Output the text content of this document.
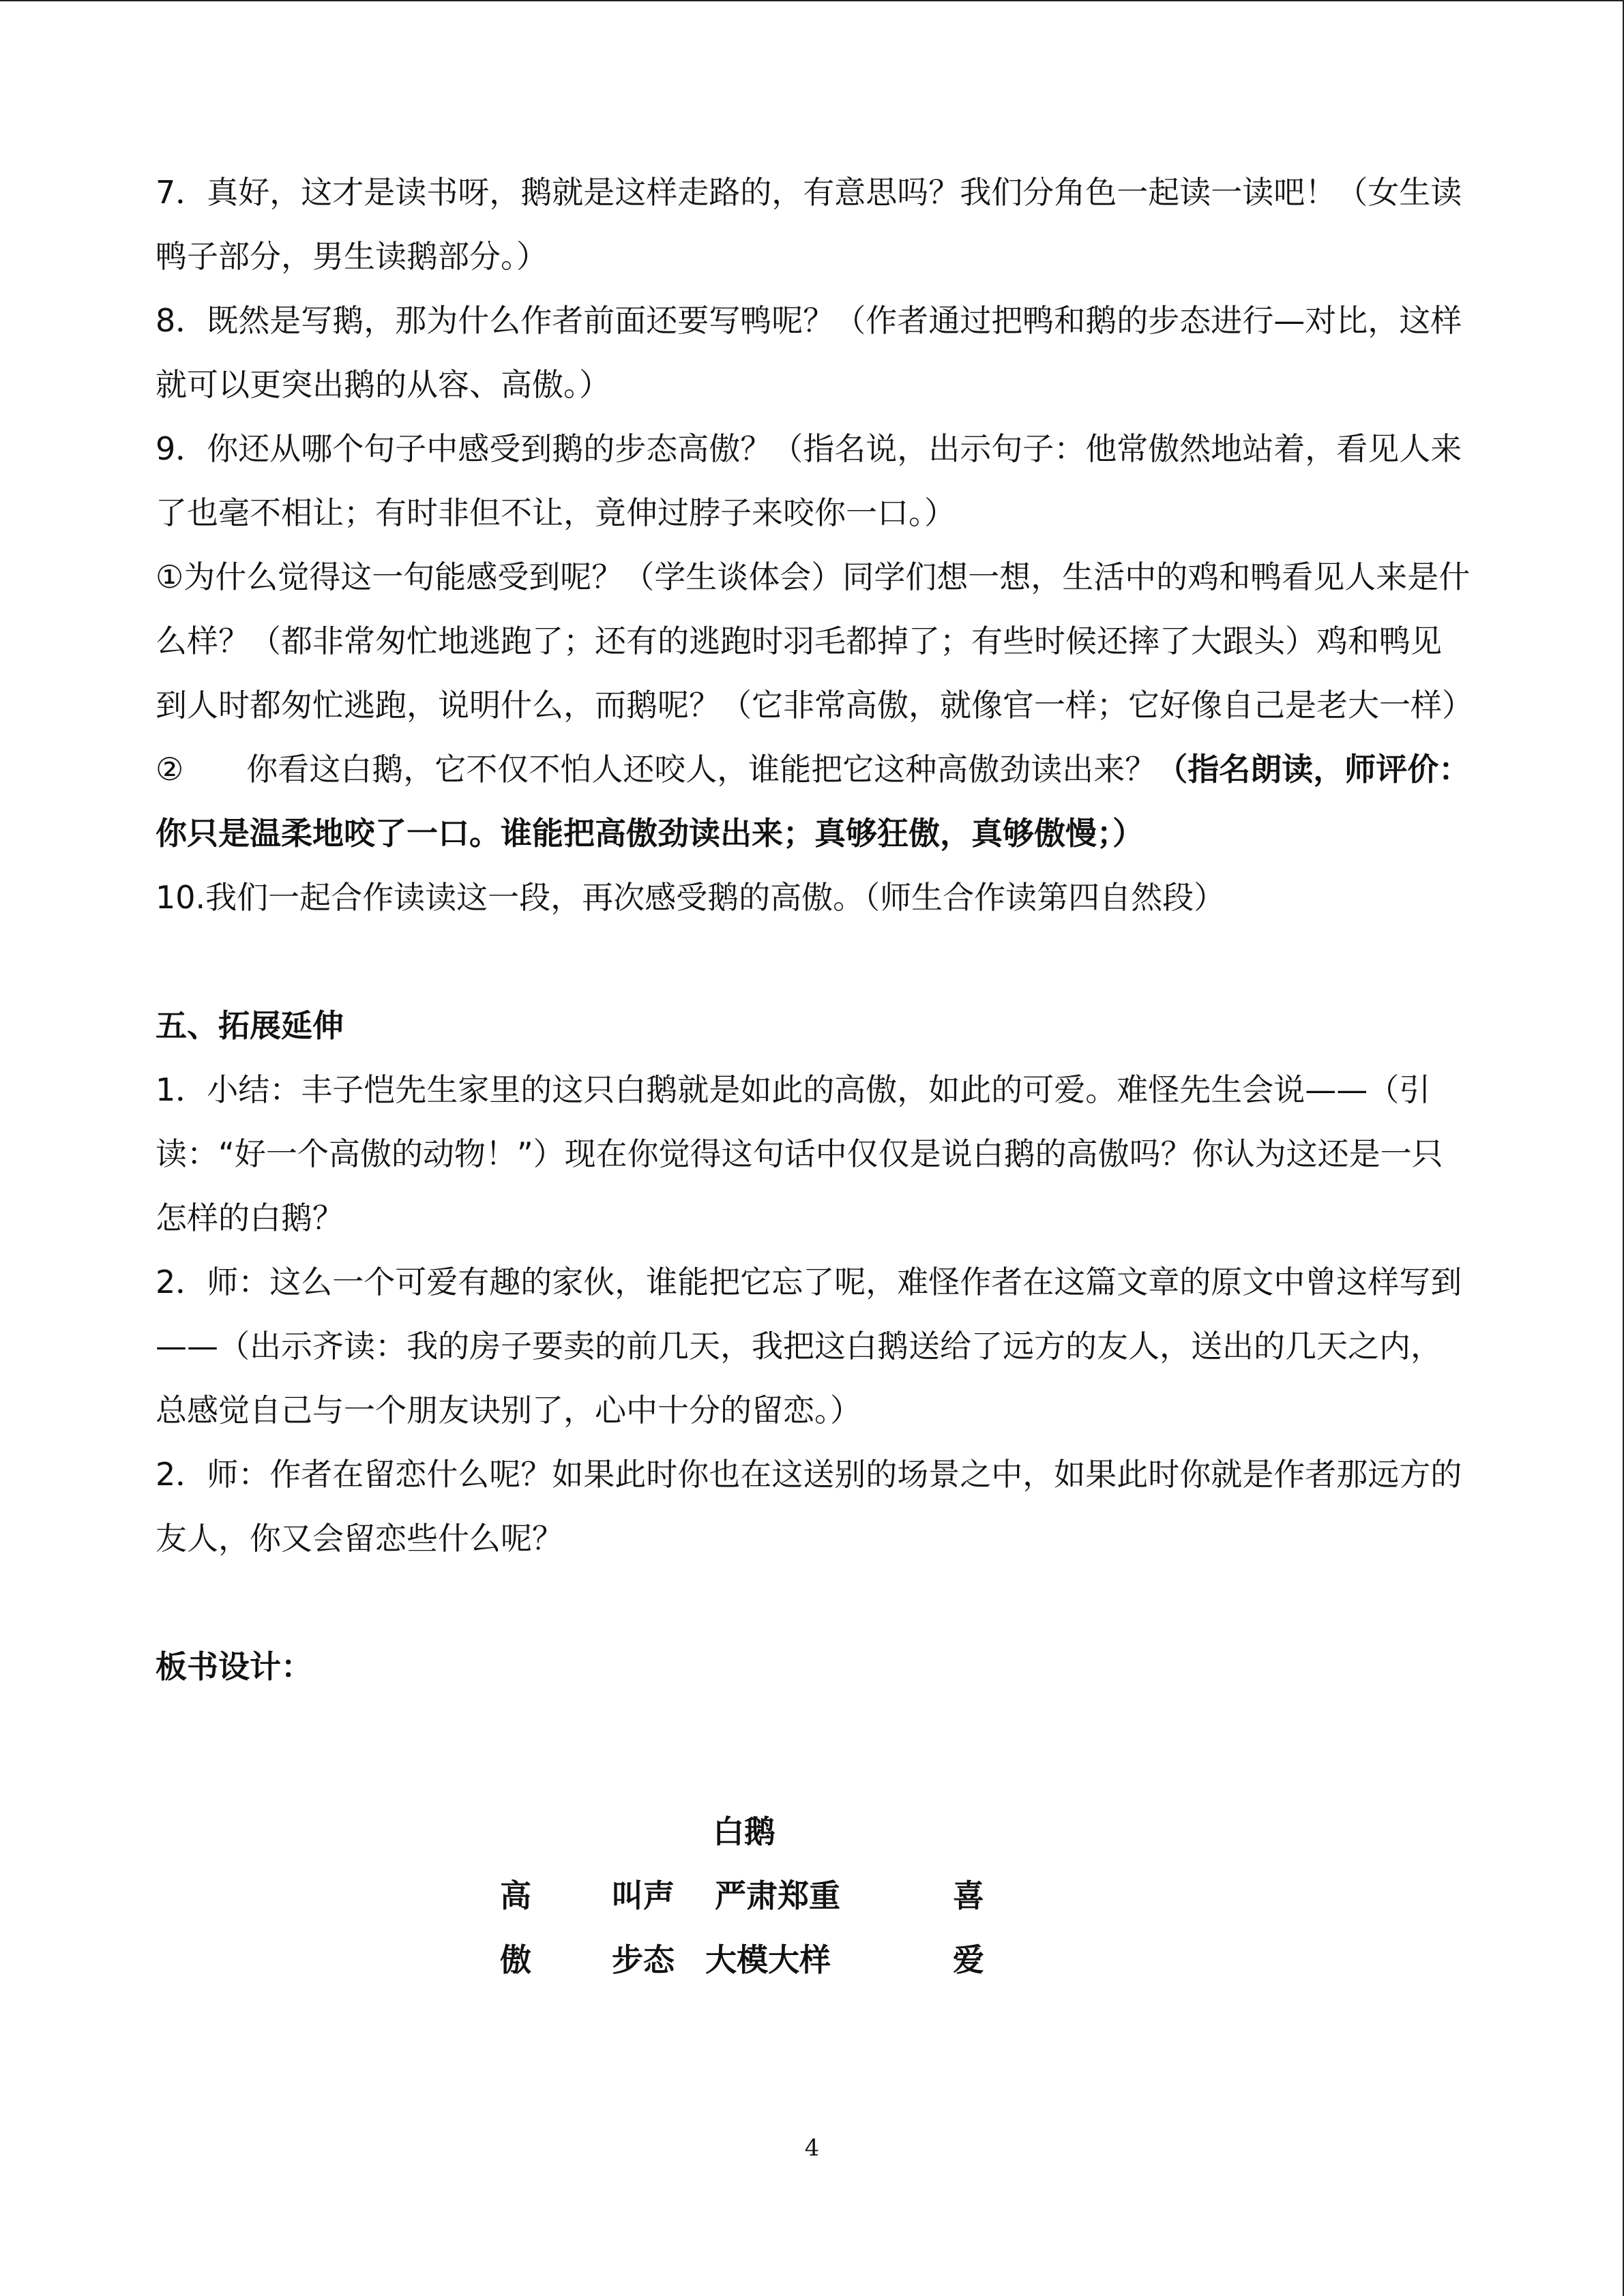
7．真好，这才是读书呀，鹅就是这样走路的，有意思吗？我们分角色一起读一读吧！（女生读鸭子部分，男生读鹅部分。）

8．既然是写鹅，那为什么作者前面还要写鸭呢？（作者通过把鸭和鹅的步态进行—对比，这样就可以更突出鹅的从容、高傲。）

9．你还从哪个句子中感受到鹅的步态高傲？（指名说，出示句子：他常傲然地站着，看见人来了也毫不相让；有时非但不让，竟伸过脖子来咬你一口。）

①为什么觉得这一句能感受到呢？（学生谈体会）同学们想一想，生活中的鸡和鸭看见人来是什么样？（都非常匆忙地逃跑了；还有的逃跑时羽毛都掉了；有些时候还摔了大跟头）鸡和鸭见到人时都匆忙逃跑，说明什么，而鹅呢？（它非常高傲，就像官一样；它好像自己是老大一样）

②　　你看这白鹅，它不仅不怕人还咬人，谁能把它这种高傲劲读出来？（指名朗读，师评价：你只是温柔地咬了一口。谁能把高傲劲读出来；真够狂傲，真够傲慢；）

10.我们一起合作读读这一段，再次感受鹅的高傲。（师生合作读第四自然段）

五、拓展延伸

1．小结：丰子恺先生家里的这只白鹅就是如此的高傲，如此的可爱。难怪先生会说——（引读：“好一个高傲的动物！”）现在你觉得这句话中仅仅是说白鹅的高傲吗？你认为这还是一只怎样的白鹅？

2．师：这么一个可爱有趣的家伙，谁能把它忘了呢，难怪作者在这篇文章的原文中曾这样写到——（出示齐读：我的房子要卖的前几天，我把这白鹅送给了远方的友人，送出的几天之内，总感觉自己与一个朋友诀别了，心中十分的留恋。）

2．师：作者在留恋什么呢？如果此时你也在这送别的场景之中，如果此时你就是作者那远方的友人，你又会留恋些什么呢？

板书设计：

白鹅
高	叫声 严肃郑重	喜
傲	步态 大模大样	爱
4
